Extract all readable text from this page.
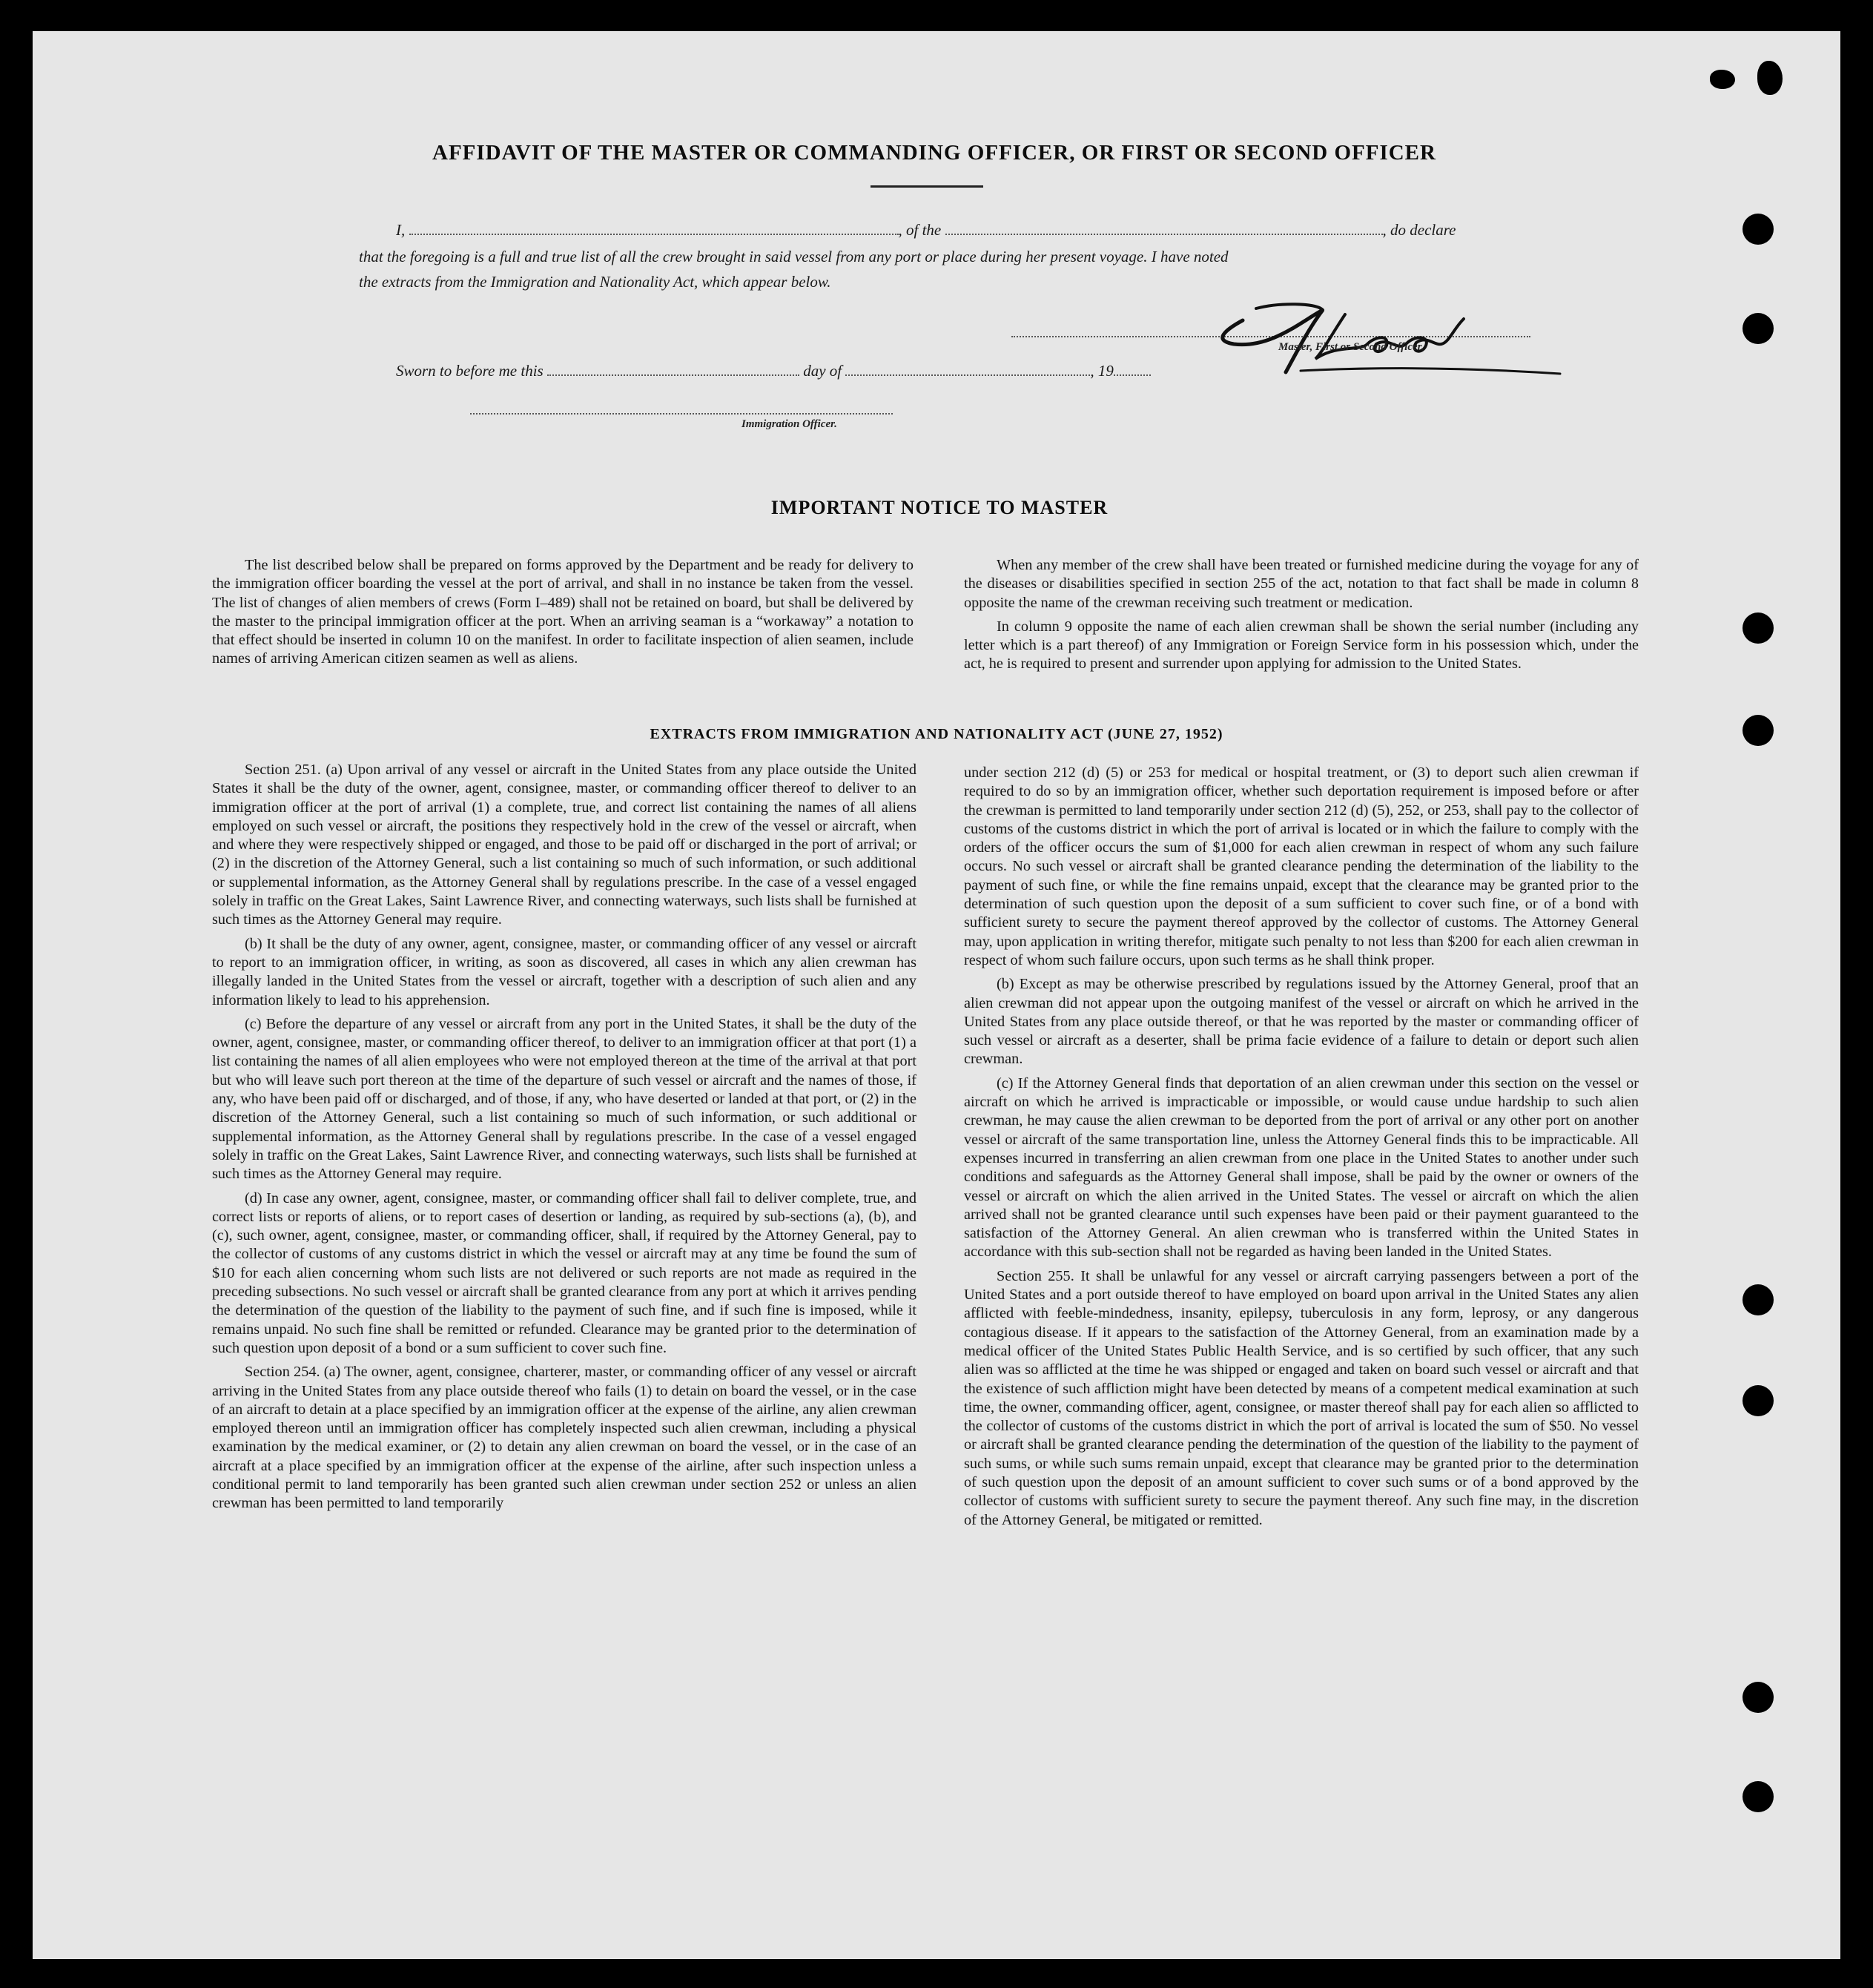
AFFIDAVIT OF THE MASTER OR COMMANDING OFFICER, OR FIRST OR SECOND OFFICER
I,	, of the	, do declare
that the foregoing is a full and true list of all the crew brought in said vessel from any port or place during her present voyage. I have noted
the extracts from the Immigration and Nationality Act, which appear below.
Master, First or Second Officer.
Sworn to before me this	day of	, 19
Immigration Officer.
IMPORTANT NOTICE TO MASTER

The list described below shall be prepared on forms approved by the Department and be ready for delivery to the immigration officer boarding the vessel at the port of arrival, and shall in no instance be taken from the vessel. The list of changes of alien members of crews (Form I–489) shall not be retained on board, but shall be delivered by the master to the principal immigration officer at the port. When an arriving seaman is a “workaway” a notation to that effect should be inserted in column 10 on the manifest. In order to facilitate inspection of alien seamen, include names of arriving American citizen seamen as well as aliens.

When any member of the crew shall have been treated or furnished medicine during the voyage for any of the diseases or disabilities specified in section 255 of the act, notation to that fact shall be made in column 8 opposite the name of the crewman receiving such treatment or medication.

In column 9 opposite the name of each alien crewman shall be shown the serial number (including any letter which is a part thereof) of any Immigration or Foreign Service form in his possession which, under the act, he is required to present and surrender upon applying for admission to the United States.

EXTRACTS FROM IMMIGRATION AND NATIONALITY ACT (JUNE 27, 1952)

Section 251. (a) Upon arrival of any vessel or aircraft in the United States from any place outside the United States it shall be the duty of the owner, agent, consignee, master, or commanding officer thereof to deliver to an immigration officer at the port of arrival (1) a complete, true, and correct list containing the names of all aliens employed on such vessel or aircraft, the positions they respectively hold in the crew of the vessel or aircraft, when and where they were respectively shipped or engaged, and those to be paid off or discharged in the port of arrival; or (2) in the discretion of the Attorney General, such a list containing so much of such information, or such additional or supplemental information, as the Attorney General shall by regulations prescribe. In the case of a vessel engaged solely in traffic on the Great Lakes, Saint Lawrence River, and connecting waterways, such lists shall be furnished at such times as the Attorney General may require.

(b) It shall be the duty of any owner, agent, consignee, master, or commanding officer of any vessel or aircraft to report to an immigration officer, in writing, as soon as discovered, all cases in which any alien crewman has illegally landed in the United States from the vessel or aircraft, together with a description of such alien and any information likely to lead to his apprehension.

(c) Before the departure of any vessel or aircraft from any port in the United States, it shall be the duty of the owner, agent, consignee, master, or commanding officer thereof, to deliver to an immigration officer at that port (1) a list containing the names of all alien employees who were not employed thereon at the time of the arrival at that port but who will leave such port thereon at the time of the departure of such vessel or aircraft and the names of those, if any, who have been paid off or discharged, and of those, if any, who have deserted or landed at that port, or (2) in the discretion of the Attorney General, such a list containing so much of such information, or such additional or supplemental information, as the Attorney General shall by regulations prescribe. In the case of a vessel engaged solely in traffic on the Great Lakes, Saint Lawrence River, and connecting waterways, such lists shall be furnished at such times as the Attorney General may require.

(d) In case any owner, agent, consignee, master, or commanding officer shall fail to deliver complete, true, and correct lists or reports of aliens, or to report cases of desertion or landing, as required by sub-sections (a), (b), and (c), such owner, agent, consignee, master, or commanding officer, shall, if required by the Attorney General, pay to the collector of customs of any customs district in which the vessel or aircraft may at any time be found the sum of $10 for each alien concerning whom such lists are not delivered or such reports are not made as required in the preceding subsections. No such vessel or aircraft shall be granted clearance from any port at which it arrives pending the determination of the question of the liability to the payment of such fine, and if such fine is imposed, while it remains unpaid. No such fine shall be remitted or refunded. Clearance may be granted prior to the determination of such question upon deposit of a bond or a sum sufficient to cover such fine.

Section 254. (a) The owner, agent, consignee, charterer, master, or commanding officer of any vessel or aircraft arriving in the United States from any place outside thereof who fails (1) to detain on board the vessel, or in the case of an aircraft to detain at a place specified by an immigration officer at the expense of the airline, any alien crewman employed thereon until an immigration officer has completely inspected such alien crewman, including a physical examination by the medical examiner, or (2) to detain any alien crewman on board the vessel, or in the case of an aircraft at a place specified by an immigration officer at the expense of the airline, after such inspection unless a conditional permit to land temporarily has been granted such alien crewman under section 252 or unless an alien crewman has been permitted to land temporarily

under section 212 (d) (5) or 253 for medical or hospital treatment, or (3) to deport such alien crewman if required to do so by an immigration officer, whether such deportation requirement is imposed before or after the crewman is permitted to land temporarily under section 212 (d) (5), 252, or 253, shall pay to the collector of customs of the customs district in which the port of arrival is located or in which the failure to comply with the orders of the officer occurs the sum of $1,000 for each alien crewman in respect of whom any such failure occurs. No such vessel or aircraft shall be granted clearance pending the determination of the liability to the payment of such fine, or while the fine remains unpaid, except that the clearance may be granted prior to the determination of such question upon the deposit of a sum sufficient to cover such fine, or of a bond with sufficient surety to secure the payment thereof approved by the collector of customs. The Attorney General may, upon application in writing therefor, mitigate such penalty to not less than $200 for each alien crewman in respect of whom such failure occurs, upon such terms as he shall think proper.

(b) Except as may be otherwise prescribed by regulations issued by the Attorney General, proof that an alien crewman did not appear upon the outgoing manifest of the vessel or aircraft on which he arrived in the United States from any place outside thereof, or that he was reported by the master or commanding officer of such vessel or aircraft as a deserter, shall be prima facie evidence of a failure to detain or deport such alien crewman.

(c) If the Attorney General finds that deportation of an alien crewman under this section on the vessel or aircraft on which he arrived is impracticable or impossible, or would cause undue hardship to such alien crewman, he may cause the alien crewman to be deported from the port of arrival or any other port on another vessel or aircraft of the same transportation line, unless the Attorney General finds this to be impracticable. All expenses incurred in transferring an alien crewman from one place in the United States to another under such conditions and safeguards as the Attorney General shall impose, shall be paid by the owner or owners of the vessel or aircraft on which the alien arrived in the United States. The vessel or aircraft on which the alien arrived shall not be granted clearance until such expenses have been paid or their payment guaranteed to the satisfaction of the Attorney General. An alien crewman who is transferred within the United States in accordance with this sub-section shall not be regarded as having been landed in the United States.

Section 255. It shall be unlawful for any vessel or aircraft carrying passengers between a port of the United States and a port outside thereof to have employed on board upon arrival in the United States any alien afflicted with feeble-mindedness, insanity, epilepsy, tuberculosis in any form, leprosy, or any dangerous contagious disease. If it appears to the satisfaction of the Attorney General, from an examination made by a medical officer of the United States Public Health Service, and is so certified by such officer, that any such alien was so afflicted at the time he was shipped or engaged and taken on board such vessel or aircraft and that the existence of such affliction might have been detected by means of a competent medical examination at such time, the owner, commanding officer, agent, consignee, or master thereof shall pay for each alien so afflicted to the collector of customs of the customs district in which the port of arrival is located the sum of $50. No vessel or aircraft shall be granted clearance pending the determination of the question of the liability to the payment of such sums, or while such sums remain unpaid, except that clearance may be granted prior to the determination of such question upon the deposit of an amount sufficient to cover such sums or of a bond approved by the collector of customs with sufficient surety to secure the payment thereof. Any such fine may, in the discretion of the Attorney General, be mitigated or remitted.
